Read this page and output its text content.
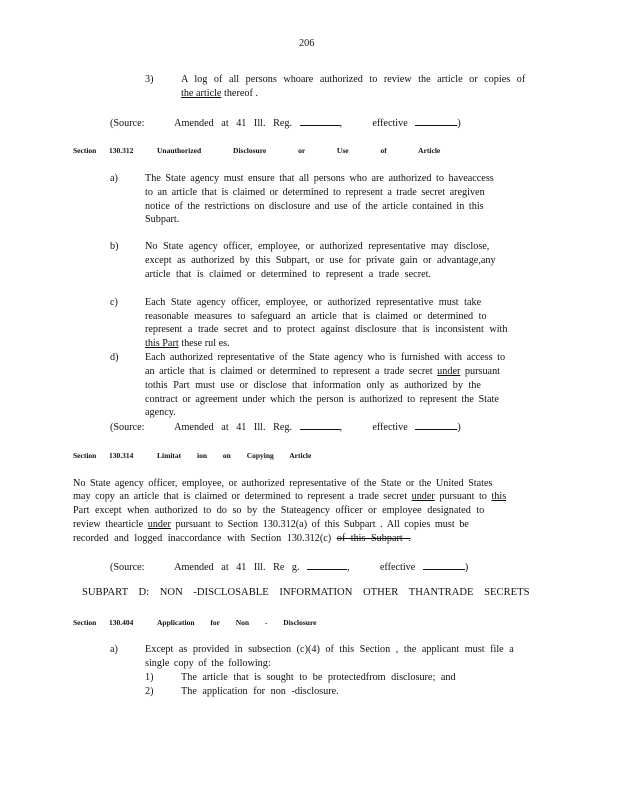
206
3)	A log of all persons whoare authorized to review the article or copies of
the article thereof .
(Source:	Amended at 41 Ill. Reg.	,    effective	)
Section 130.312	Unauthorized Disclosure or Use of Article
a)	The State agency must ensure that all persons who are authorized to haveaccess
to an article that is claimed or determined to represent a trade secret aregiven
notice of the restrictions on disclosure and use of the article contained in this
Subpart.
b)	No State agency officer, employee, or authorized representative may disclose,
except as authorized by this Subpart, or use for private gain or advantage,any
article that is claimed or determined to represent a trade secret.
c)	Each State agency officer, employee, or authorized representative must take
reasonable measures to safeguard an article that is claimed or determined to
represent a trade secret and to protect against disclosure that is inconsistent with
this Part these rul es.
d)	Each authorized representative of the State agency who is furnished with access to
an article that is claimed or determined to represent a trade secret under pursuant
tothis Part must use or disclose that information only as authorized by the
contract or agreement under which the person is authorized to represent the State
agency.
(Source:	Amended at 41 Ill. Reg.	,    effective	)
Section 130.314	Limitat ion on Copying Article
No State agency officer, employee, or authorized representative of the State or the United States
may copy an article that is claimed or determined to represent a trade secret under pursuant to this
Part except when authorized to do so by the Stateagency officer or employee designated to
review thearticle under pursuant to Section 130.312(a) of this Subpart . All copies must be
recorded and logged inaccordance with Section 130.312(c) of this Subpart .
(Source:	Amended at 41 Ill. Re g.	,    effective	)
SUBPART D: NON -DISCLOSABLE INFORMATION OTHER THANTRADE SECRETS
Section 130.404	Application for Non - Disclosure
a)	Except as provided in subsection (c)(4) of this Section , the applicant must file a
single copy of the following:
1)	The article that is sought to be protectedfrom disclosure; and
2)	The application for non -disclosure.
